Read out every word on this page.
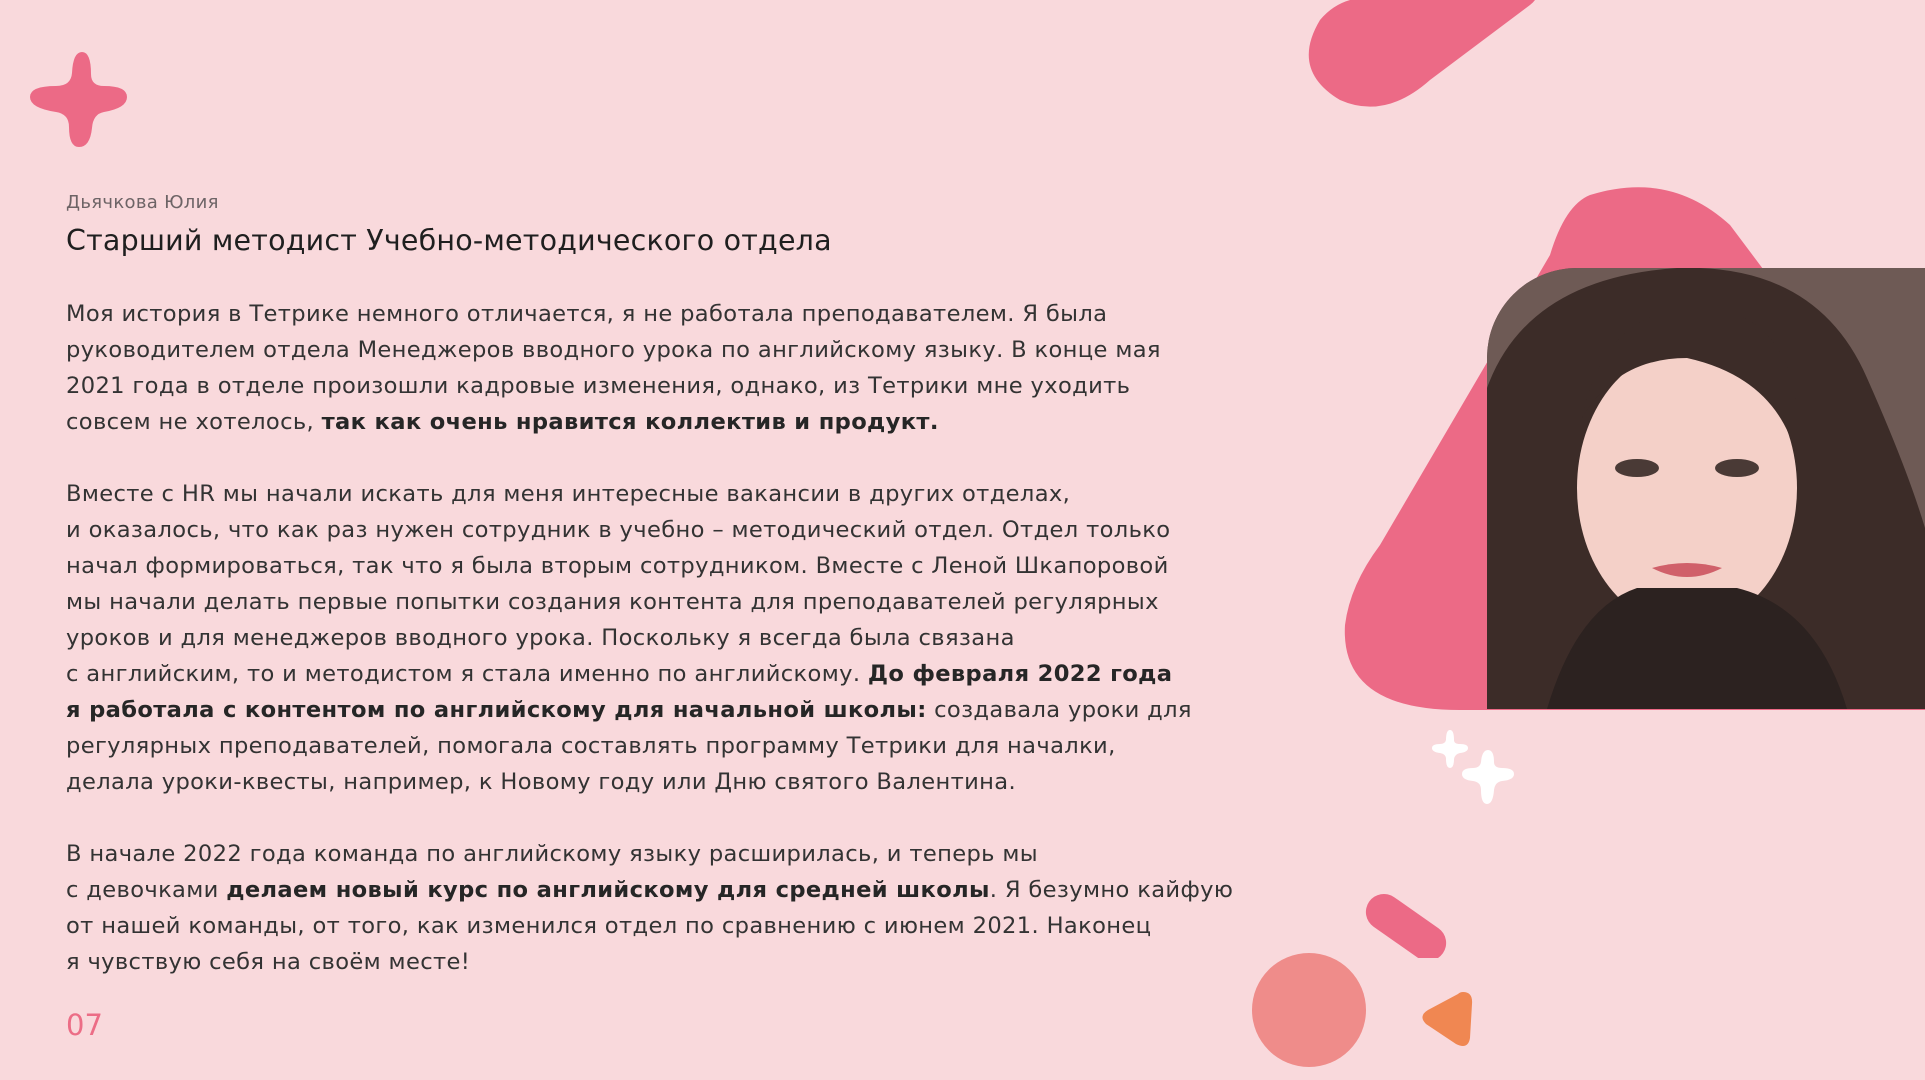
Дьячкова Юлия
Старший методист Учебно-методического отдела

Моя история в Тетрике немного отличается, я не работала преподавателем. Я была
руководителем отдела Менеджеров вводного урока по английскому языку. В конце мая
2021 года в отделе произошли кадровые изменения, однако, из Тетрики мне уходить
совсем не хотелось, так как очень нравится коллектив и продукт.

Вместе с HR мы начали искать для меня интересные вакансии в других отделах,
и оказалось, что как раз нужен сотрудник в учебно – методический отдел. Отдел только
начал формироваться, так что я была вторым сотрудником. Вместе с Леной Шкапоровой
мы начали делать первые попытки создания контента для преподавателей регулярных
уроков и для менеджеров вводного урока. Поскольку я всегда была связана
с английским, то и методистом я стала именно по английскому. До февраля 2022 года
я работала с контентом по английскому для начальной школы: создавала уроки для
регулярных преподавателей, помогала составлять программу Тетрики для началки,
делала уроки-квесты, например, к Новому году или Дню святого Валентина.

В начале 2022 года команда по английскому языку расширилась, и теперь мы
с девочками делаем новый курс по английскому для средней школы. Я безумно кайфую
от нашей команды, от того, как изменился отдел по сравнению с июнем 2021. Наконец
я чувствую себя на своём месте!

07
